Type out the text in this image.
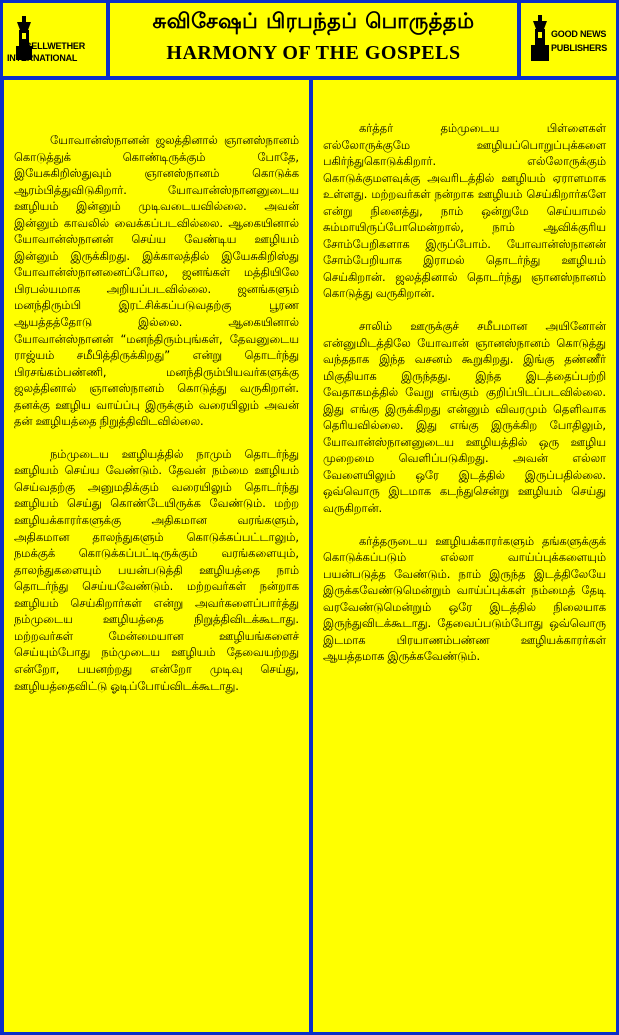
BELLWETHER
INTERNATIONAL
சுவிசேஷப் பிரபந்தப் பொருத்தம்
HARMONY OF THE GOSPELS
GOOD NEWS
PUBLISHERS

யோவான்ஸ்நானன் ஜலத்தினால் ஞானஸ்நானம் கொடுத்துக் கொண்டிருக்கும் போதே, இயேசுகிறிஸ்துவும் ஞானஸ்நானம் கொடுக்க ஆரம்பித்துவிடுகிறார். யோவான்ஸ்நானனுடைய ஊழியம் இன்னும் முடிவடையவில்லை. அவன் இன்னும் காவலில் வைக்கப்படவில்லை. ஆகையினால் யோவான்ஸ்நானன் செய்ய வேண்டிய ஊழியம் இன்னும் இருக்கிறது. இக்காலத்தில் இயேசுகிறிஸ்து யோவான்ஸ்நானனைப்போல, ஜனங்கள் மத்தியிலே பிரபல்யமாக அறியப்படவில்லை. ஜனங்களும் மனந்திரும்பி இரட்சிக்கப்படுவதற்கு பூரண ஆயத்தத்தோடு இல்லை. ஆகையினால் யோவான்ஸ்நானன் “மனந்திரும்புங்கள், தேவனுடைய ராஜ்யம் சமீபித்திருக்கிறது” என்று தொடர்ந்து பிரசங்கம்பண்ணி, மனந்திரும்பியவர்களுக்கு ஜலத்தினால் ஞானஸ்நானம் கொடுத்து வருகிறான். தனக்கு ஊழிய வாய்ப்பு இருக்கும் வரையிலும் அவன் தன் ஊழியத்தை நிறுத்திவிடவில்லை.

நம்முடைய ஊழியத்தில் நாமும் தொடர்ந்து ஊழியம் செய்ய வேண்டும். தேவன் நம்மை ஊழியம் செய்வதற்கு அனுமதிக்கும் வரையிலும் தொடர்ந்து ஊழியம் செய்து கொண்டேயிருக்க வேண்டும். மற்ற ஊழியக்காரர்களுக்கு அதிகமான வரங்களும், அதிகமான தாலந்துகளும் கொடுக்கப்பட்டாலும், நமக்குக் கொடுக்கப்பட்டிருக்கும் வரங்களையும், தாலந்துகளையும் பயன்படுத்தி ஊழியத்தை நாம் தொடர்ந்து செய்யவேண்டும். மற்றவர்கள் நன்றாக ஊழியம் செய்கிறார்கள் என்று அவர்களைப்பார்த்து நம்முடைய ஊழியத்தை நிறுத்திவிடக்கூடாது. மற்றவர்கள் மேன்மையான ஊழியங்களைச் செய்யும்போது நம்முடைய ஊழியம் தேவையற்றது என்றோ, பயனற்றது என்றோ முடிவு செய்து, ஊழியத்தைவிட்டு ஓடிப்போய்விடக்கூடாது.

கர்த்தர் தம்முடைய பிள்ளைகள் எல்லோருக்குமே ஊழியப்பொறுப்புக்களை பகிர்ந்துகொடுக்கிறார். எல்லோருக்கும் கொடுக்குமளவுக்கு அவரிடத்தில் ஊழியம் ஏராளமாக உள்ளது. மற்றவர்கள் நன்றாக ஊழியம் செய்கிறார்களே என்று நினைத்து, நாம் ஒன்றுமே செய்யாமல் சும்மாயிருப்போமென்றால், நாம் ஆவிக்குரிய சோம்பேறிகளாக இருப்போம். யோவான்ஸ்நானன் சோம்பேறியாக இராமல் தொடர்ந்து ஊழியம் செய்கிறான். ஜலத்தினால் தொடர்ந்து ஞானஸ்நானம் கொடுத்து வருகிறான்.

சாலிம் ஊருக்குச் சமீபமான அயினோன் என்னுமிடத்திலே யோவான் ஞானஸ்நானம் கொடுத்து வந்ததாக இந்த வசனம் கூறுகிறது. இங்கு தண்ணீர் மிகுதியாக இருந்தது. இந்த இடத்தைப்பற்றி வேதாகமத்தில் வேறு எங்கும் குறிப்பிடப்படவில்லை. இது எங்கு இருக்கிறது என்னும் விவரமும் தெளிவாக தெரியவில்லை. இது எங்கு இருக்கிற போதிலும், யோவான்ஸ்நானனுடைய ஊழியத்தில் ஒரு ஊழிய முறைமை வெளிப்படுகிறது. அவன் எல்லா வேளையிலும் ஒரே இடத்தில் இருப்பதில்லை. ஒவ்வொரு இடமாக கடந்துசென்று ஊழியம் செய்து வருகிறான்.

கர்த்தருடைய ஊழியக்காரர்களும் தங்களுக்குக் கொடுக்கப்படும் எல்லா வாய்ப்புக்களையும் பயன்படுத்த வேண்டும். நாம் இருந்த இடத்திலேயே இருக்கவேண்டுமென்றும் வாய்ப்புக்கள் நம்மைத் தேடி வரவேண்டுமென்றும் ஒரே இடத்தில் நிலையாக இருந்துவிடக்கூடாது. தேவைப்படும்போது ஒவ்வொரு இடமாக பிரயாணம்பண்ண ஊழியக்காரர்கள் ஆயத்தமாக இருக்கவேண்டும்.
